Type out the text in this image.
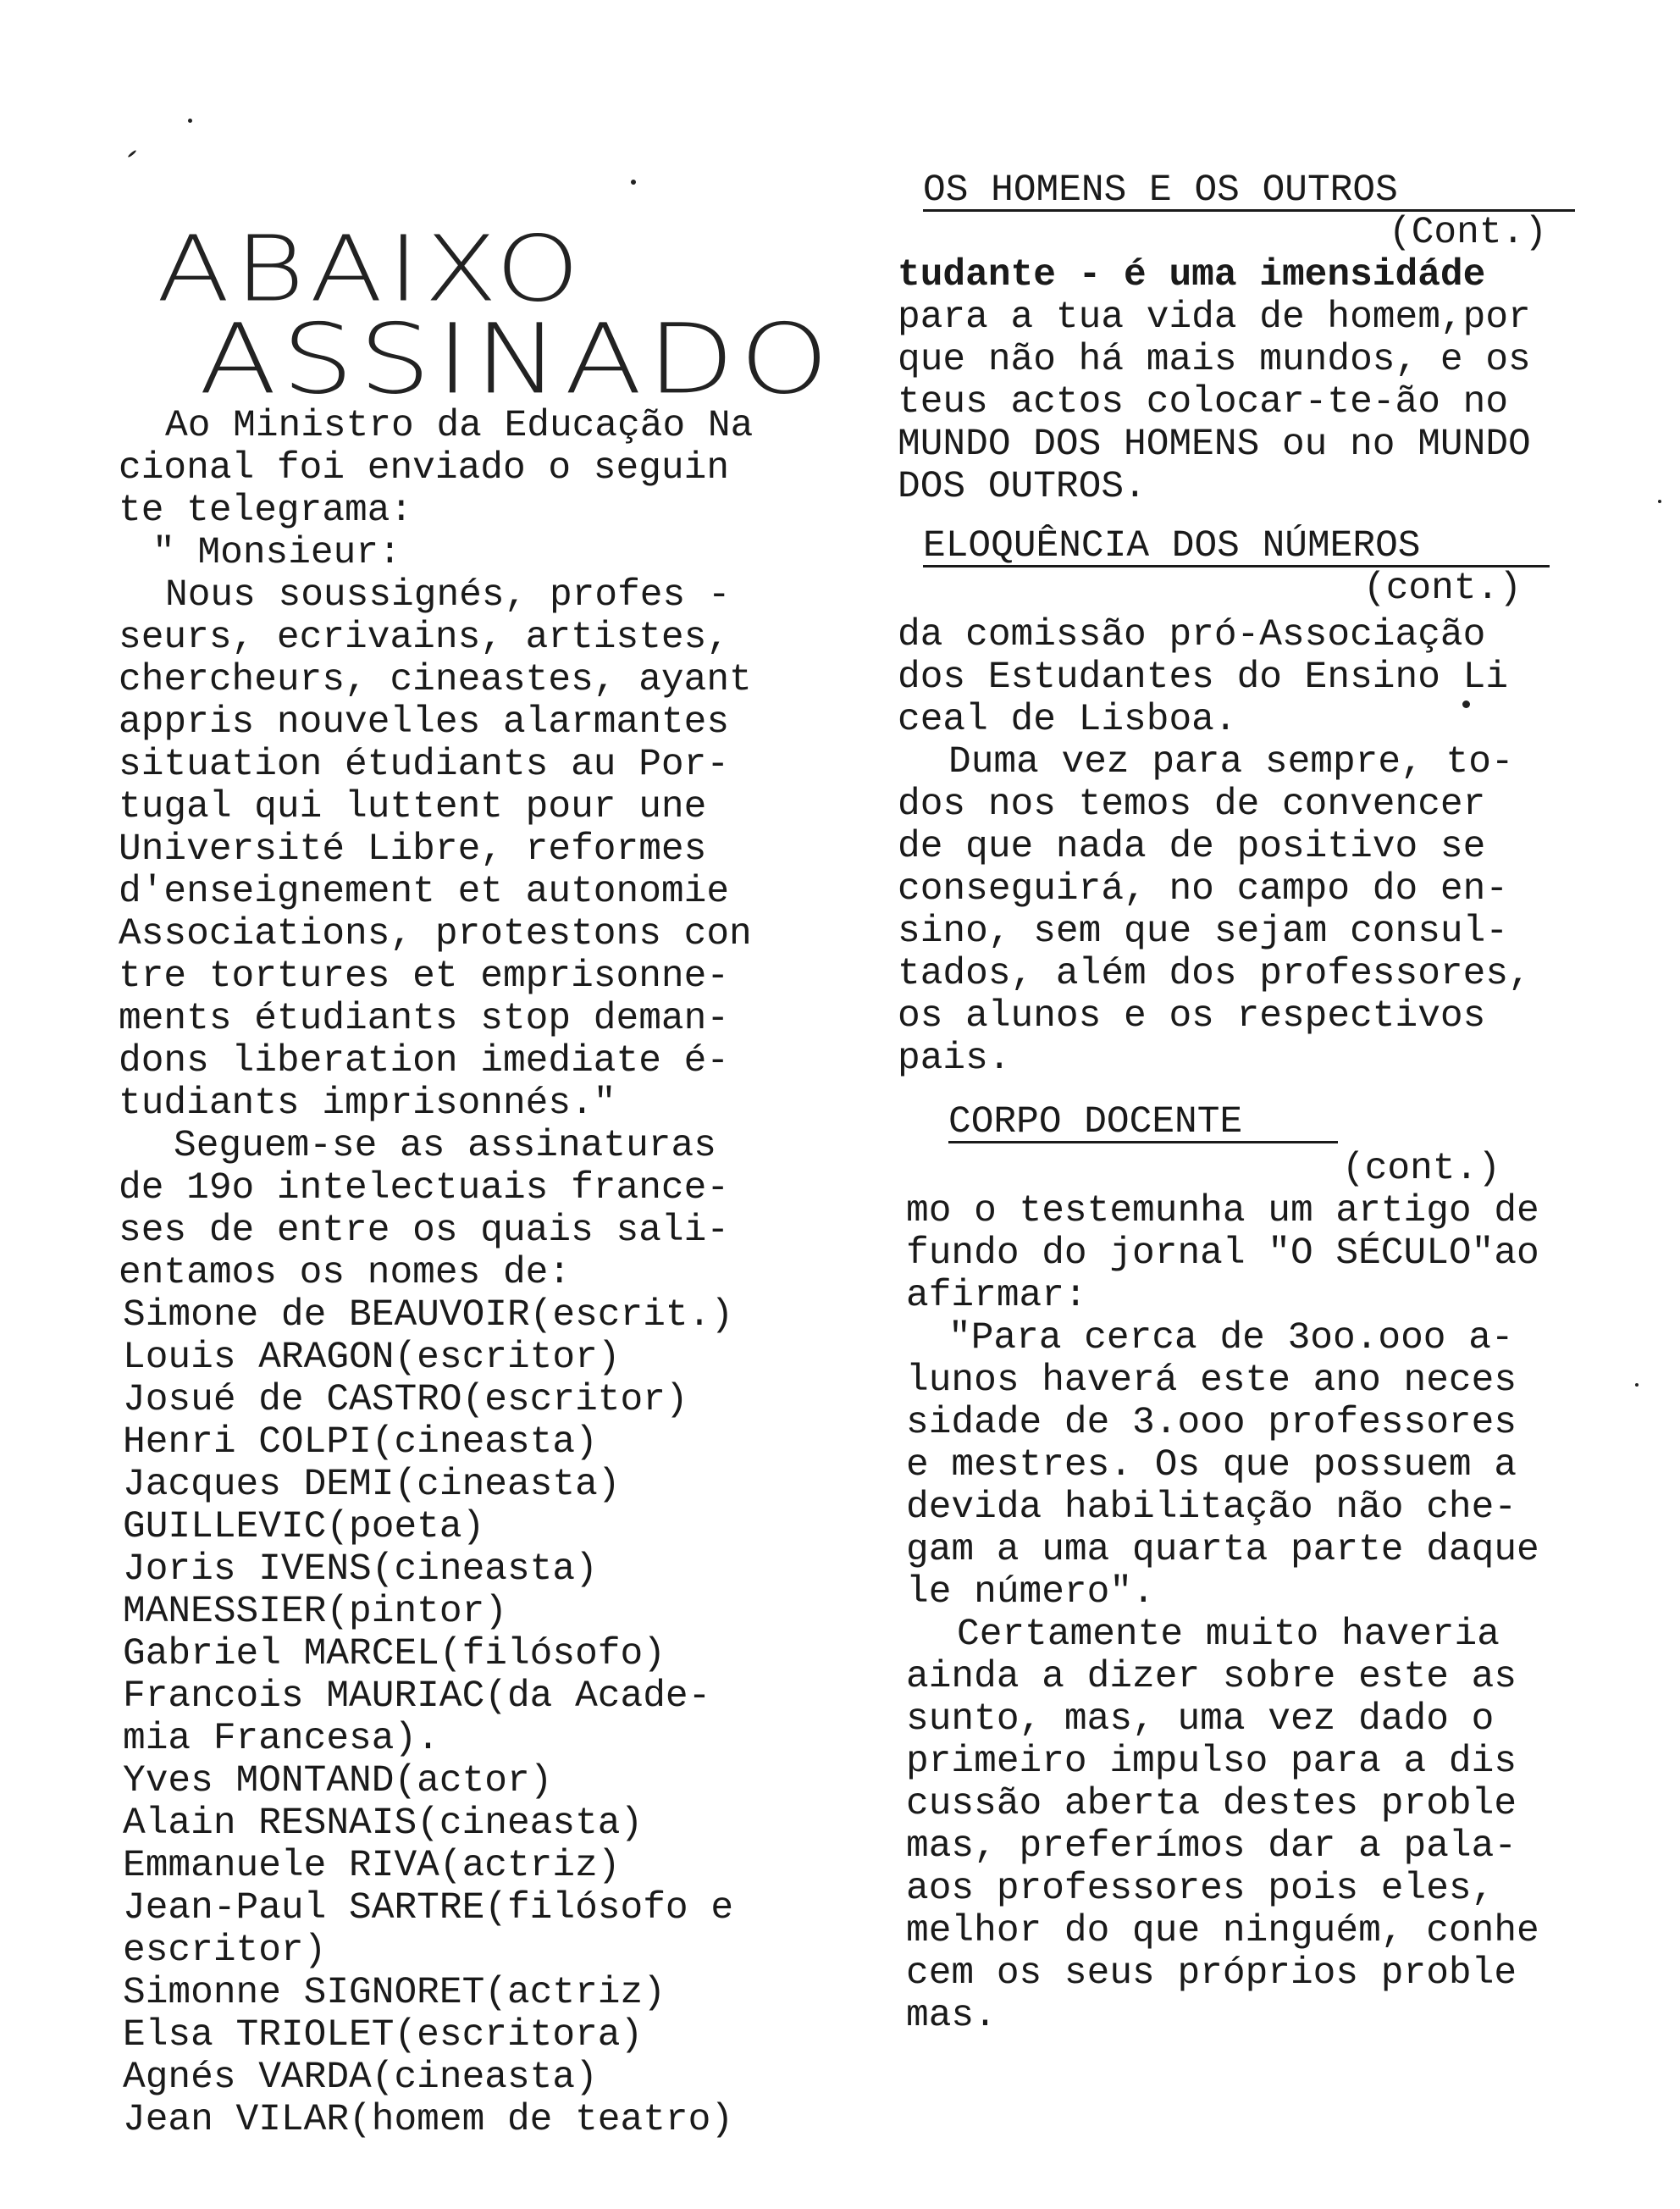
ABAIXO
ASSINADO
Ao Ministro da Educação Na
cional foi enviado o seguin
te telegrama:
" Monsieur:
Nous soussignés, profes -
seurs, ecrivains, artistes,
chercheurs, cineastes, ayant
appris nouvelles alarmantes
situation étudiants au Por-
tugal qui luttent pour une
Université Libre, reformes
d'enseignement et autonomie
Associations, protestons con
tre tortures et emprisonne-
ments étudiants stop deman-
dons liberation imediate é-
tudiants imprisonnés."
Seguem-se as assinaturas
de 19o intelectuais france-
ses de entre os quais sali-
entamos os nomes de:
Simone de BEAUVOIR(escrit.)
Louis ARAGON(escritor)
Josué de CASTRO(escritor)
Henri COLPI(cineasta)
Jacques DEMI(cineasta)
GUILLEVIC(poeta)
Joris IVENS(cineasta)
MANESSIER(pintor)
Gabriel MARCEL(filósofo)
Francois MAURIAC(da Acade-
mia Francesa).
Yves MONTAND(actor)
Alain RESNAIS(cineasta)
Emmanuele RIVA(actriz)
Jean-Paul SARTRE(filósofo e
escritor)
Simonne SIGNORET(actriz)
Elsa TRIOLET(escritora)
Agnés VARDA(cineasta)
Jean VILAR(homem de teatro)
OS HOMENS E OS OUTROS
(Cont.)
tudante - é uma imensidáde
para a tua vida de homem,por
que não há mais mundos, e os
teus actos colocar-te-ão no
MUNDO DOS HOMENS ou no MUNDO
DOS OUTROS.
ELOQUÊNCIA DOS NÚMEROS
(cont.)
da comissão pró-Associação
dos Estudantes do Ensino Li
ceal de Lisboa.
Duma vez para sempre, to-
dos nos temos de convencer
de que nada de positivo se
conseguirá, no campo do en-
sino, sem que sejam consul-
tados, além dos professores,
os alunos e os respectivos
pais.
CORPO DOCENTE
(cont.)
mo o testemunha um artigo de
fundo do jornal "O SÉCULO"ao
afirmar:
"Para cerca de 3oo.ooo a-
lunos haverá este ano neces
sidade de 3.ooo professores
e mestres. Os que possuem a
devida habilitação não che-
gam a uma quarta parte daque
le número".
Certamente muito haveria
ainda a dizer sobre este as
sunto, mas, uma vez dado o
primeiro impulso para a dis
cussão aberta destes proble
mas, preferímos dar a pala-
aos professores pois eles,
melhor do que ninguém, conhe
cem os seus próprios proble
mas.
